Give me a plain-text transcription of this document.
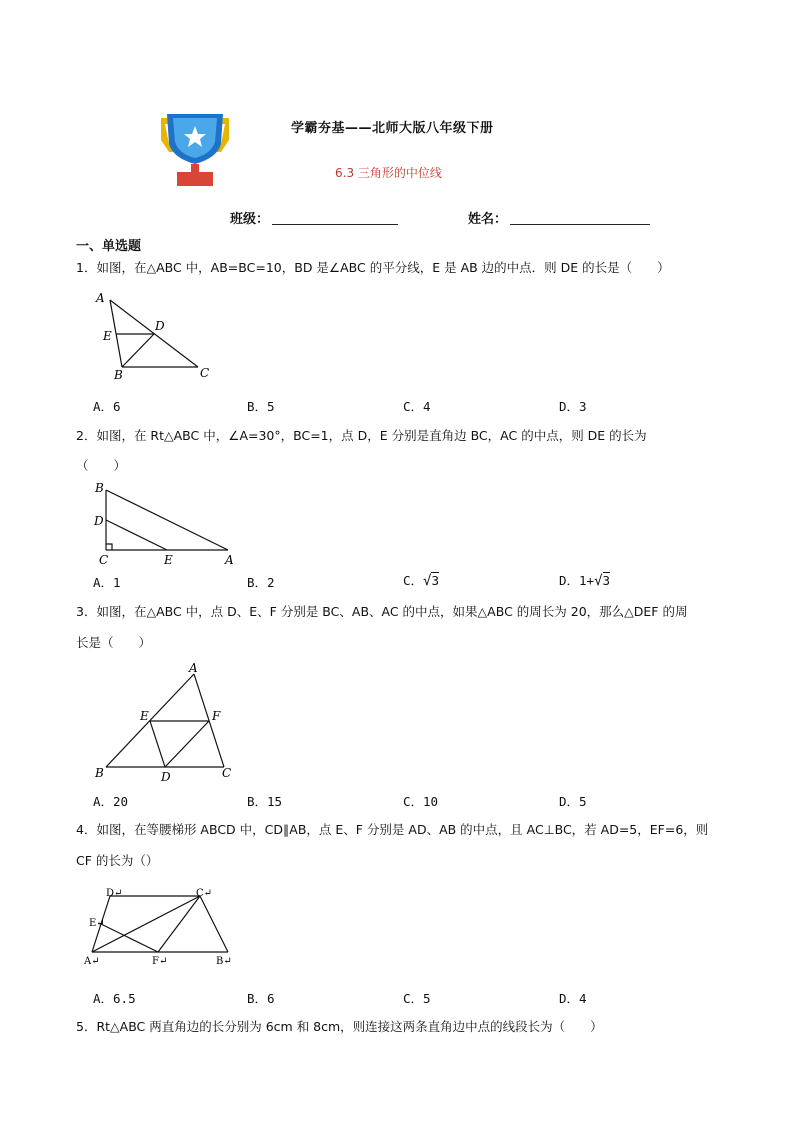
学霸夯基——北师大版八年级下册
6.3 三角形的中位线
班级：	姓名：
一、单选题
1．如图，在△ABC 中，AB=BC=10，BD 是∠ABC 的平分线，E 是 AB 边的中点．则 DE 的长是（　　）
A
E
D
B	C
A．6	B．5	C．4	D．3
2．如图，在 Rt△ABC 中，∠A=30°，BC=1，点 D，E 分别是直角边 BC，AC 的中点，则 DE 的长为
（　　）
B
D
C	E	A
A．1	B．2	C．√3	D．1+√3
3．如图，在△ABC 中，点 D、E、F 分别是 BC、AB、AC 的中点，如果△ABC 的周长为 20，那么△DEF 的周
长是（　　）
A
E	F
B	D	C
A．20	B．15	C．10	D．5
4．如图，在等腰梯形 ABCD 中，CD∥AB，点 E、F 分别是 AD、AB 的中点，且 AC⊥BC，若 AD=5，EF=6，则
CF 的长为（）
D↵	C↵
E↵
A↵	F↵	B↵
A．6.5	B．6	C．5	D．4
5．Rt△ABC 两直角边的长分别为 6cm 和 8cm，则连接这两条直角边中点的线段长为（　　）
